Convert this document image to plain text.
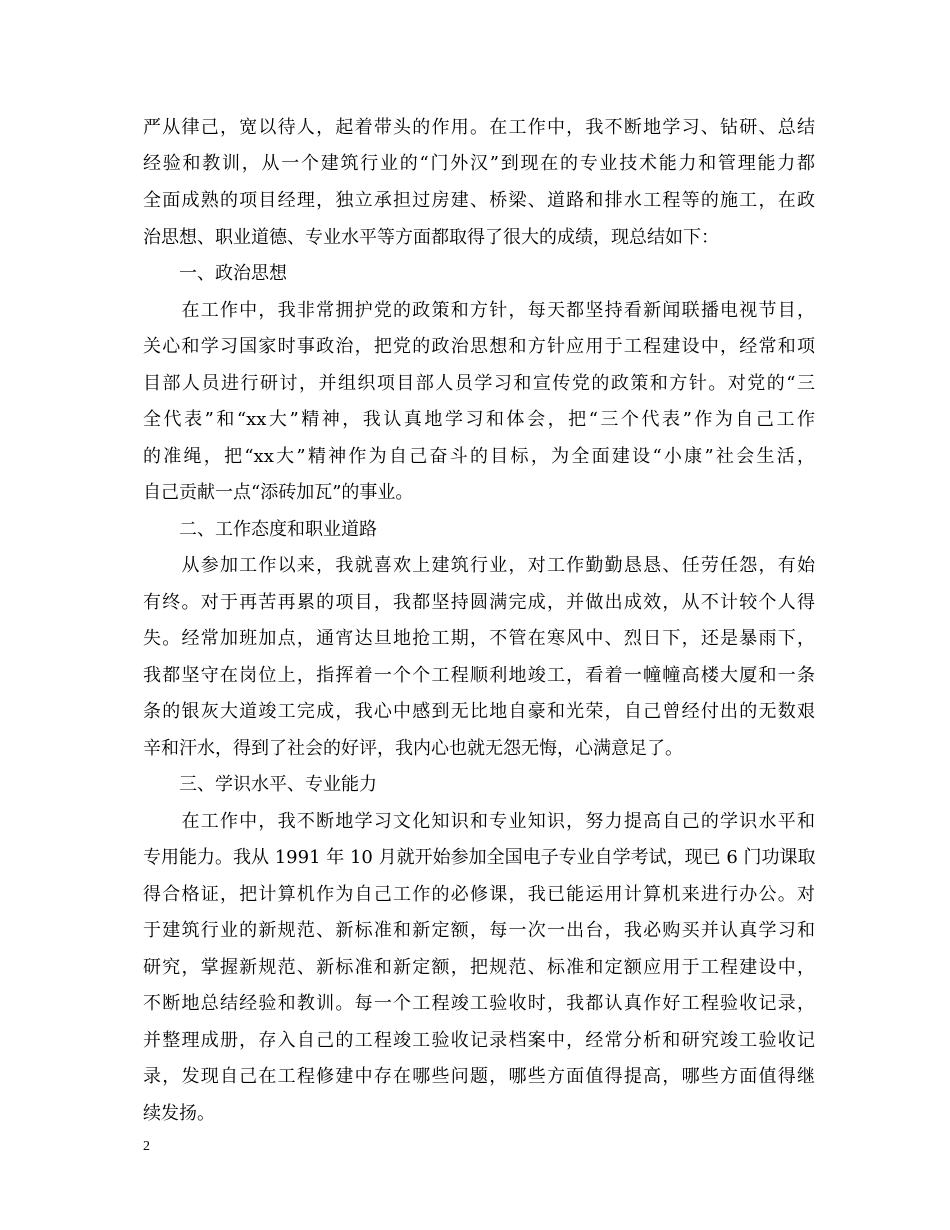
严从律己，宽以待人，起着带头的作用。在工作中，我不断地学习、钻研、总结
经验和教训，从一个建筑行业的“门外汉”到现在的专业技术能力和管理能力都
全面成熟的项目经理，独立承担过房建、桥梁、道路和排水工程等的施工，在政
治思想、职业道德、专业水平等方面都取得了很大的成绩，现总结如下：
　　一、政治思想
　　在工作中，我非常拥护党的政策和方针，每天都坚持看新闻联播电视节目，
关心和学习国家时事政治，把党的政治思想和方针应用于工程建设中，经常和项
目部人员进行研讨，并组织项目部人员学习和宣传党的政策和方针。对党的“三
全代表”和“xx大”精神，我认真地学习和体会，把“三个代表”作为自己工作
的准绳，把“xx大”精神作为自己奋斗的目标，为全面建设“小康”社会生活，
自己贡献一点“添砖加瓦”的事业。
　　二、工作态度和职业道路
　　从参加工作以来，我就喜欢上建筑行业，对工作勤勤恳恳、任劳任怨，有始
有终。对于再苦再累的项目，我都坚持圆满完成，并做出成效，从不计较个人得
失。经常加班加点，通宵达旦地抢工期，不管在寒风中、烈日下，还是暴雨下，
我都坚守在岗位上，指挥着一个个工程顺利地竣工，看着一幢幢高楼大厦和一条
条的银灰大道竣工完成，我心中感到无比地自豪和光荣，自己曾经付出的无数艰
辛和汗水，得到了社会的好评，我内心也就无怨无悔，心满意足了。
　　三、学识水平、专业能力
　　在工作中，我不断地学习文化知识和专业知识，努力提高自己的学识水平和
专用能力。我从 1991 年 10 月就开始参加全国电子专业自学考试，现已 6 门功课取
得合格证，把计算机作为自己工作的必修课，我已能运用计算机来进行办公。对
于建筑行业的新规范、新标准和新定额，每一次一出台，我必购买并认真学习和
研究，掌握新规范、新标准和新定额，把规范、标准和定额应用于工程建设中，
不断地总结经验和教训。每一个工程竣工验收时，我都认真作好工程验收记录，
并整理成册，存入自己的工程竣工验收记录档案中，经常分析和研究竣工验收记
录，发现自己在工程修建中存在哪些问题，哪些方面值得提高，哪些方面值得继
续发扬。
2
